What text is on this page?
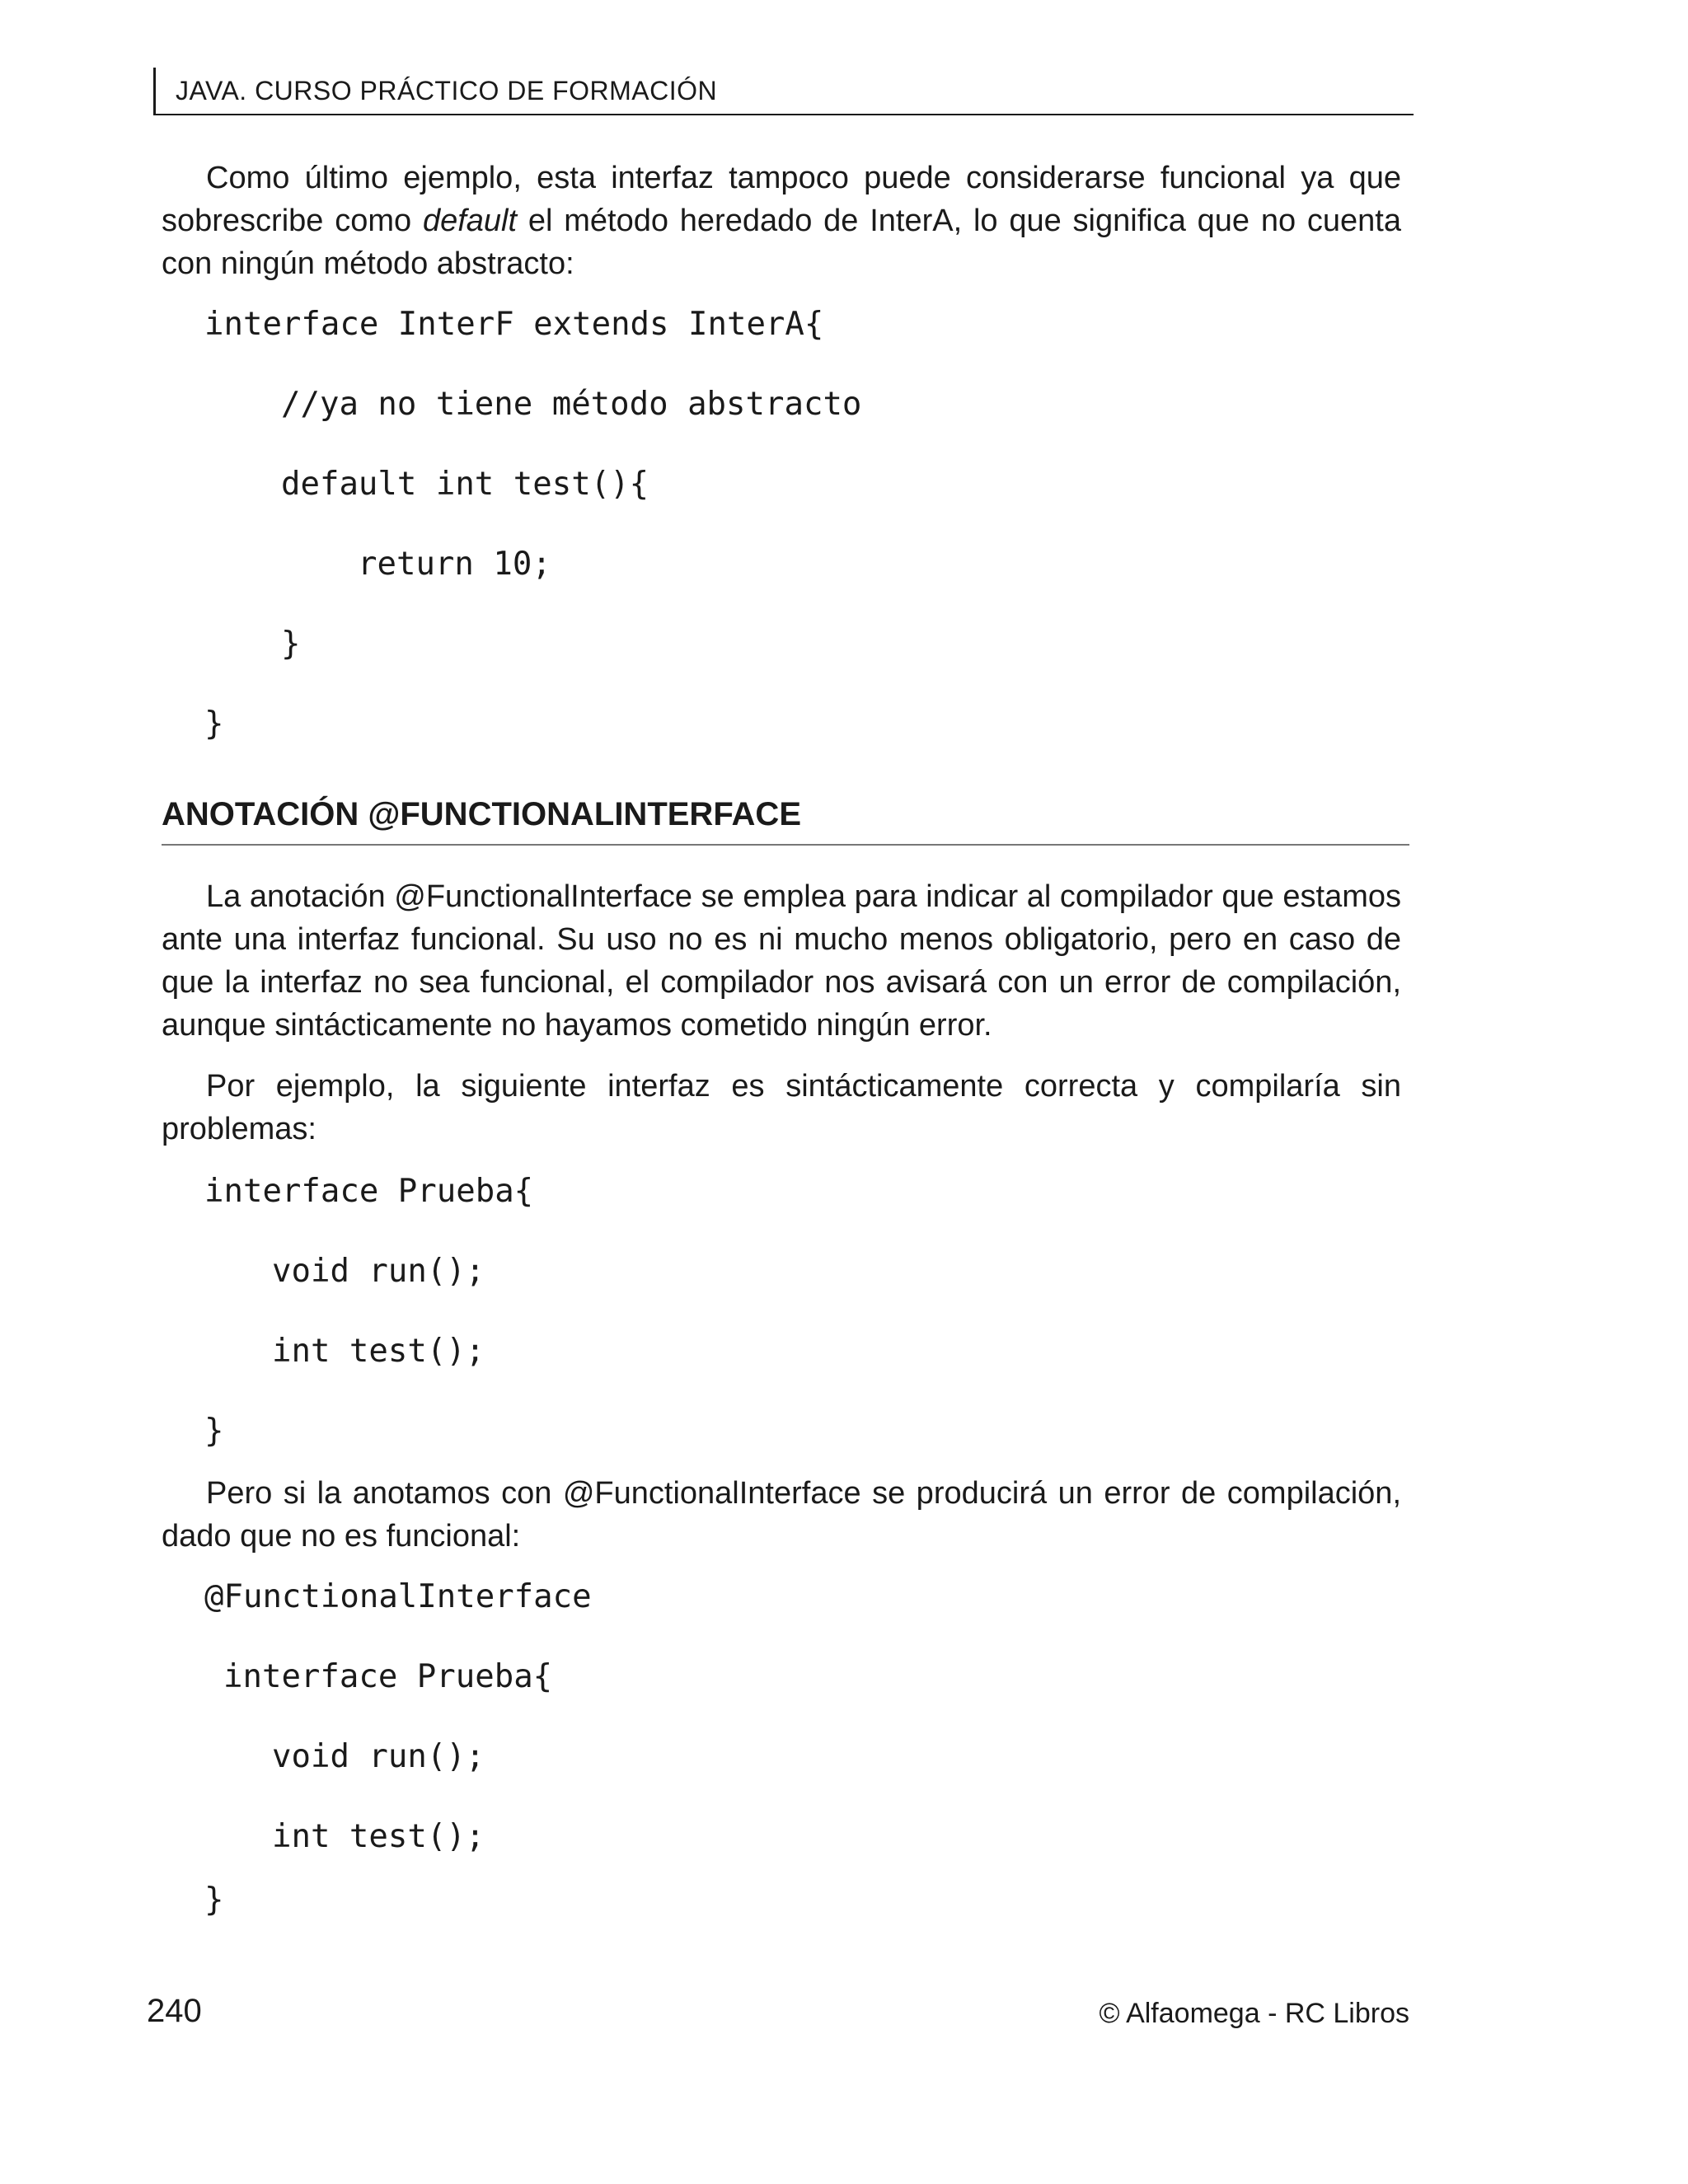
JAVA. CURSO PRÁCTICO DE FORMACIÓN

Como último ejemplo, esta interfaz tampoco puede considerarse funcional ya que sobrescribe como default el método heredado de InterA, lo que significa que no cuenta con ningún método abstracto:

interface InterF extends InterA{
//ya no tiene método abstracto
default int test(){
return 10;
}
}
ANOTACIÓN @FUNCTIONALINTERFACE

La anotación @FunctionalInterface se emplea para indicar al compilador que estamos ante una interfaz funcional. Su uso no es ni mucho menos obligatorio, pero en caso de que la interfaz no sea funcional, el compilador nos avisará con un error de compilación, aunque sintácticamente no hayamos cometido ningún error.

Por ejemplo, la siguiente interfaz es sintácticamente correcta y compilaría sin problemas:

interface Prueba{
void run();
int test();
}

Pero si la anotamos con @FunctionalInterface se producirá un error de compilación, dado que no es funcional:

@FunctionalInterface
interface Prueba{
void run();
int test();
}
240	© Alfaomega - RC Libros
